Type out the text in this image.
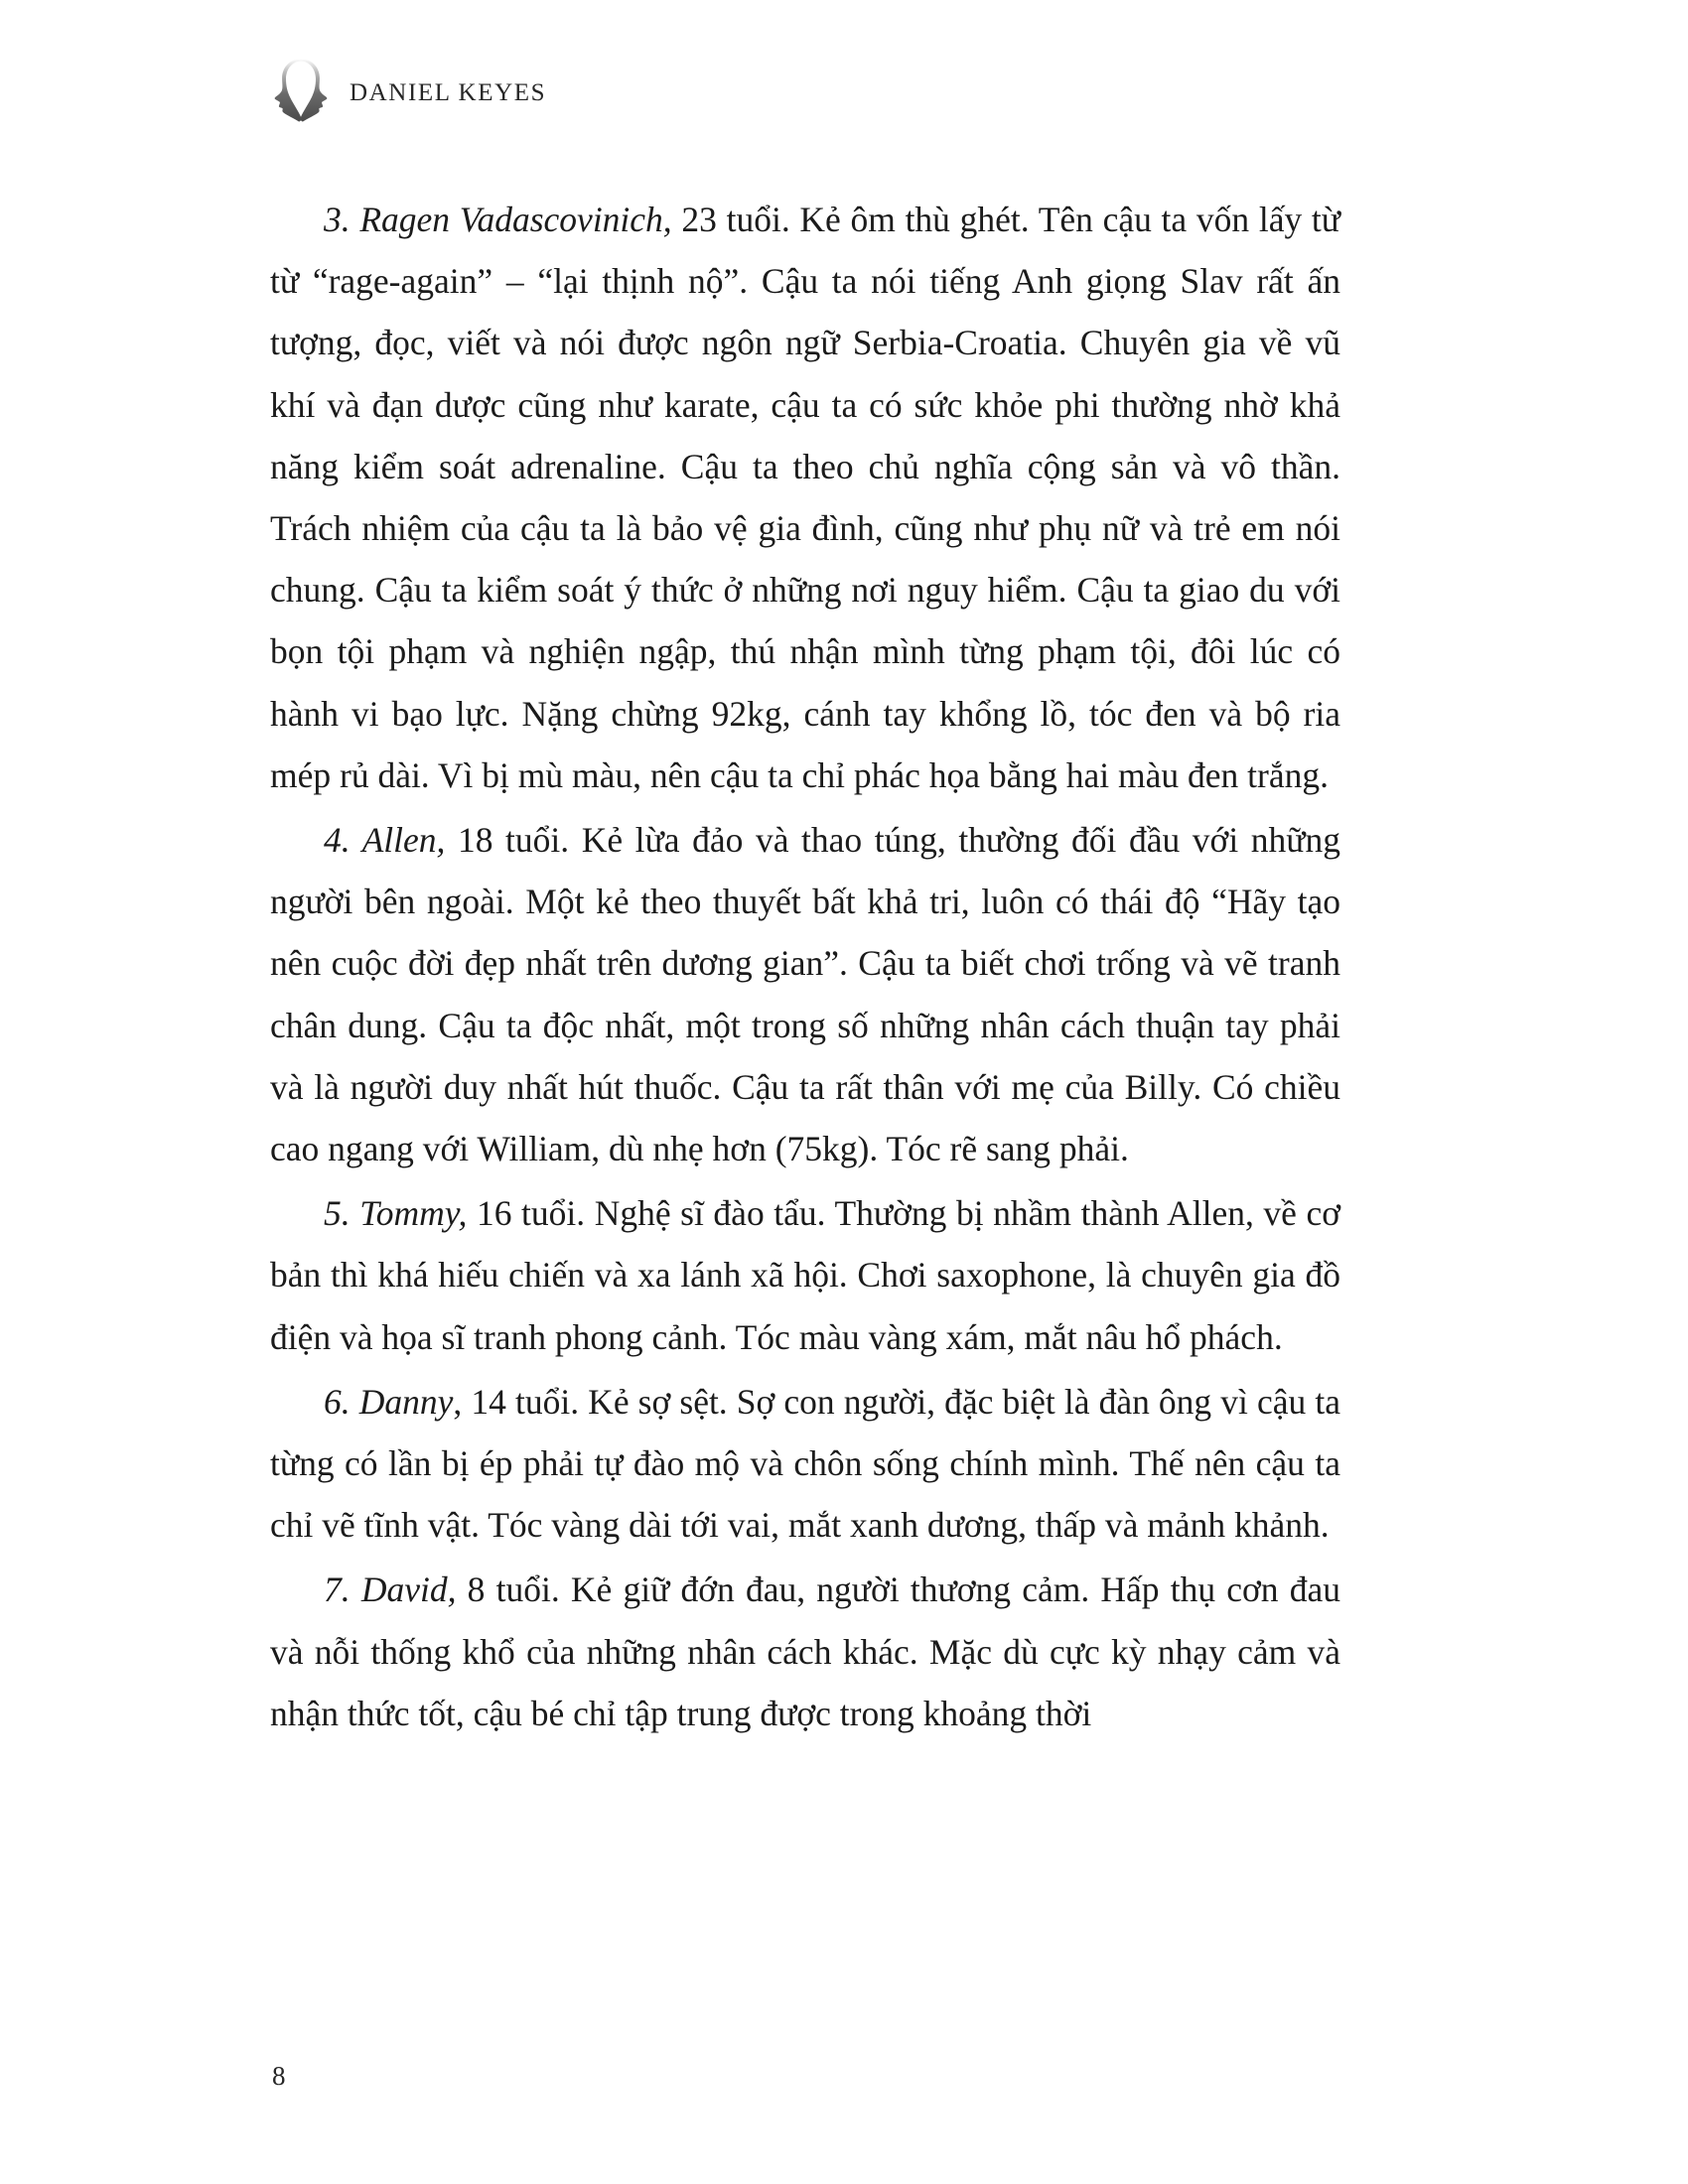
DANIEL KEYES

3. Ragen Vadascovinich, 23 tuổi. Kẻ ôm thù ghét. Tên cậu ta vốn lấy từ từ “rage-again” – “lại thịnh nộ”. Cậu ta nói tiếng Anh giọng Slav rất ấn tượng, đọc, viết và nói được ngôn ngữ Serbia-Croatia. Chuyên gia về vũ khí và đạn dược cũng như karate, cậu ta có sức khỏe phi thường nhờ khả năng kiểm soát adrenaline. Cậu ta theo chủ nghĩa cộng sản và vô thần. Trách nhiệm của cậu ta là bảo vệ gia đình, cũng như phụ nữ và trẻ em nói chung. Cậu ta kiểm soát ý thức ở những nơi nguy hiểm. Cậu ta giao du với bọn tội phạm và nghiện ngập, thú nhận mình từng phạm tội, đôi lúc có hành vi bạo lực. Nặng chừng 92kg, cánh tay khổng lồ, tóc đen và bộ ria mép rủ dài. Vì bị mù màu, nên cậu ta chỉ phác họa bằng hai màu đen trắng.

4. Allen, 18 tuổi. Kẻ lừa đảo và thao túng, thường đối đầu với những người bên ngoài. Một kẻ theo thuyết bất khả tri, luôn có thái độ “Hãy tạo nên cuộc đời đẹp nhất trên dương gian”. Cậu ta biết chơi trống và vẽ tranh chân dung. Cậu ta độc nhất, một trong số những nhân cách thuận tay phải và là người duy nhất hút thuốc. Cậu ta rất thân với mẹ của Billy. Có chiều cao ngang với William, dù nhẹ hơn (75kg). Tóc rẽ sang phải.

5. Tommy, 16 tuổi. Nghệ sĩ đào tẩu. Thường bị nhầm thành Allen, về cơ bản thì khá hiếu chiến và xa lánh xã hội. Chơi saxophone, là chuyên gia đồ điện và họa sĩ tranh phong cảnh. Tóc màu vàng xám, mắt nâu hổ phách.

6. Danny, 14 tuổi. Kẻ sợ sệt. Sợ con người, đặc biệt là đàn ông vì cậu ta từng có lần bị ép phải tự đào mộ và chôn sống chính mình. Thế nên cậu ta chỉ vẽ tĩnh vật. Tóc vàng dài tới vai, mắt xanh dương, thấp và mảnh khảnh.

7. David, 8 tuổi. Kẻ giữ đớn đau, người thương cảm. Hấp thụ cơn đau và nỗi thống khổ của những nhân cách khác. Mặc dù cực kỳ nhạy cảm và nhận thức tốt, cậu bé chỉ tập trung được trong khoảng thời

8
